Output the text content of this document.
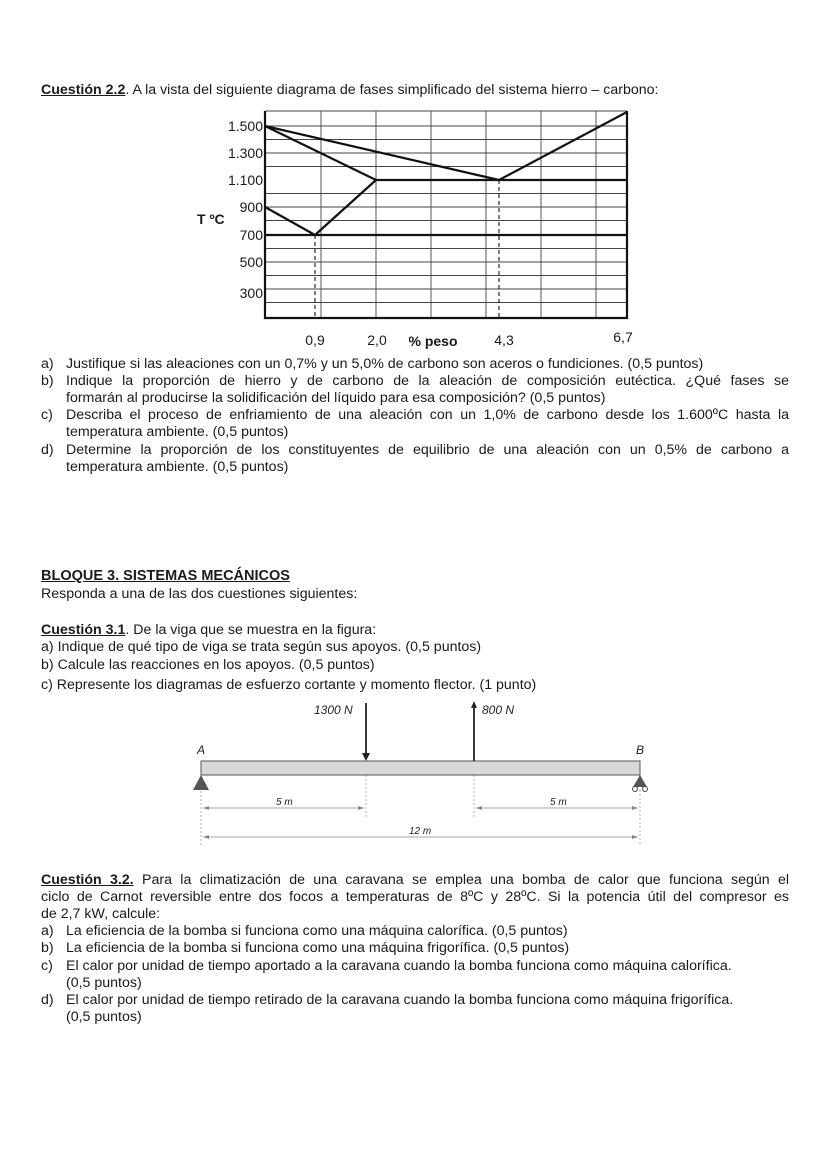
Cuestión 2.2. A la vista del siguiente diagrama de fases simplificado del sistema hierro – carbono:
1.500
1.300
1.100
900
700
500
300
T ºC
0,9	2,0	4,3	6,7
% peso
a) Justifique si las aleaciones con un 0,7% y un 5,0% de carbono son aceros o fundiciones. (0,5 puntos)
b) Indique la proporción de hierro y de carbono de la aleación de composición eutéctica. ¿Qué fases se
formarán al producirse la solidificación del líquido para esa composición? (0,5 puntos)
c) Describa el proceso de enfriamiento de una aleación con un 1,0% de carbono desde los 1.600ºC hasta la
temperatura ambiente. (0,5 puntos)
d) Determine la proporción de los constituyentes de equilibrio de una aleación con un 0,5% de carbono a
temperatura ambiente. (0,5 puntos)
BLOQUE 3. SISTEMAS MECÁNICOS
Responda a una de las dos cuestiones siguientes:
Cuestión 3.1. De la viga que se muestra en la figura:
a) Indique de qué tipo de viga se trata según sus apoyos. (0,5 puntos)
b) Calcule las reacciones en los apoyos. (0,5 puntos)
c) Represente los diagramas de esfuerzo cortante y momento flector. (1 punto)
A	B
1300 N	800 N
5 m	5 m
12 m
Cuestión 3.2. Para la climatización de una caravana se emplea una bomba de calor que funciona según el
ciclo de Carnot reversible entre dos focos a temperaturas de 8ºC y 28ºC. Si la potencia útil del compresor es
de 2,7 kW, calcule:
a) La eficiencia de la bomba si funciona como una máquina calorífica. (0,5 puntos)
b) La eficiencia de la bomba si funciona como una máquina frigorífica. (0,5 puntos)
c) El calor por unidad de tiempo aportado a la caravana cuando la bomba funciona como máquina calorífica.
(0,5 puntos)
d) El calor por unidad de tiempo retirado de la caravana cuando la bomba funciona como máquina frigorífica.
(0,5 puntos)
